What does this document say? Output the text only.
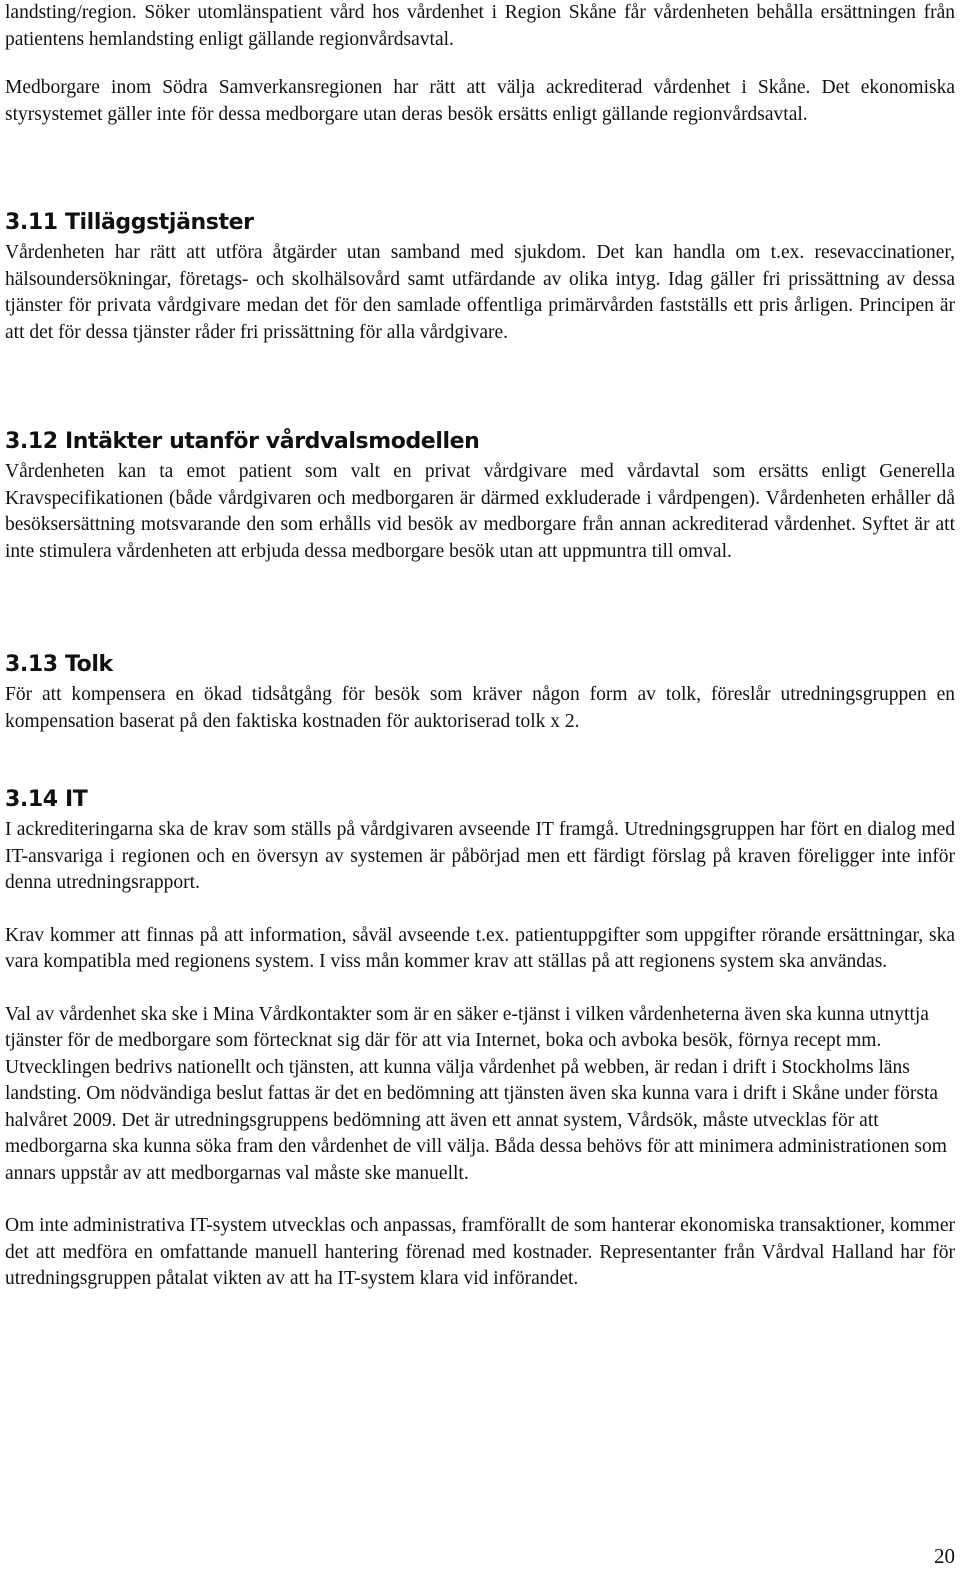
landsting/region. Söker utomlänspatient vård hos vårdenhet i Region Skåne får vårdenheten behålla ersättningen från patientens hemlandsting enligt gällande regionvårdsavtal.

Medborgare inom Södra Samverkansregionen har rätt att välja ackrediterad vårdenhet i Skåne. Det ekonomiska styrsystemet gäller inte för dessa medborgare utan deras besök ersätts enligt gällande regionvårdsavtal.

3.11 Tilläggstjänster

Vårdenheten har rätt att utföra åtgärder utan samband med sjukdom. Det kan handla om t.ex. resevaccinationer, hälsoundersökningar, företags- och skolhälsovård samt utfärdande av olika intyg. Idag gäller fri prissättning av dessa tjänster för privata vårdgivare medan det för den samlade offentliga primärvården fastställs ett pris årligen. Principen är att det för dessa tjänster råder fri prissättning för alla vårdgivare.

3.12 Intäkter utanför vårdvalsmodellen

Vårdenheten kan ta emot patient som valt en privat vårdgivare med vårdavtal som ersätts enligt Generella Kravspecifikationen (både vårdgivaren och medborgaren är därmed exkluderade i vårdpengen). Vårdenheten erhåller då besöksersättning motsvarande den som erhålls vid besök av medborgare från annan ackrediterad vårdenhet. Syftet är att inte stimulera vårdenheten att erbjuda dessa medborgare besök utan att uppmuntra till omval.

3.13 Tolk

För att kompensera en ökad tidsåtgång för besök som kräver någon form av tolk, föreslår utredningsgruppen en kompensation baserat på den faktiska kostnaden för auktoriserad tolk x 2.

3.14 IT

I ackrediteringarna ska de krav som ställs på vårdgivaren avseende IT framgå. Utredningsgruppen har fört en dialog med IT-ansvariga i regionen och en översyn av systemen är påbörjad men ett färdigt förslag på kraven föreligger inte inför denna utredningsrapport.

Krav kommer att finnas på att information, såväl avseende t.ex. patientuppgifter som uppgifter rörande ersättningar, ska vara kompatibla med regionens system. I viss mån kommer krav att ställas på att regionens system ska användas.

Val av vårdenhet ska ske i Mina Vårdkontakter som är en säker e-tjänst i vilken vårdenheterna även ska kunna utnyttja tjänster för de medborgare som förtecknat sig där för att via Internet, boka och avboka besök, förnya recept mm. Utvecklingen bedrivs nationellt och tjänsten, att kunna välja vårdenhet på webben, är redan i drift i Stockholms läns landsting. Om nödvändiga beslut fattas är det en bedömning att tjänsten även ska kunna vara i drift i Skåne under första halvåret 2009. Det är utredningsgruppens bedömning att även ett annat system, Vårdsök, måste utvecklas för att medborgarna ska kunna söka fram den vårdenhet de vill välja. Båda dessa behövs för att minimera administrationen som annars uppstår av att medborgarnas val måste ske manuellt.

Om inte administrativa IT-system utvecklas och anpassas, framförallt de som hanterar ekonomiska transaktioner, kommer det att medföra en omfattande manuell hantering förenad med kostnader. Representanter från Vårdval Halland har för utredningsgruppen påtalat vikten av att ha IT-system klara vid införandet.

20
